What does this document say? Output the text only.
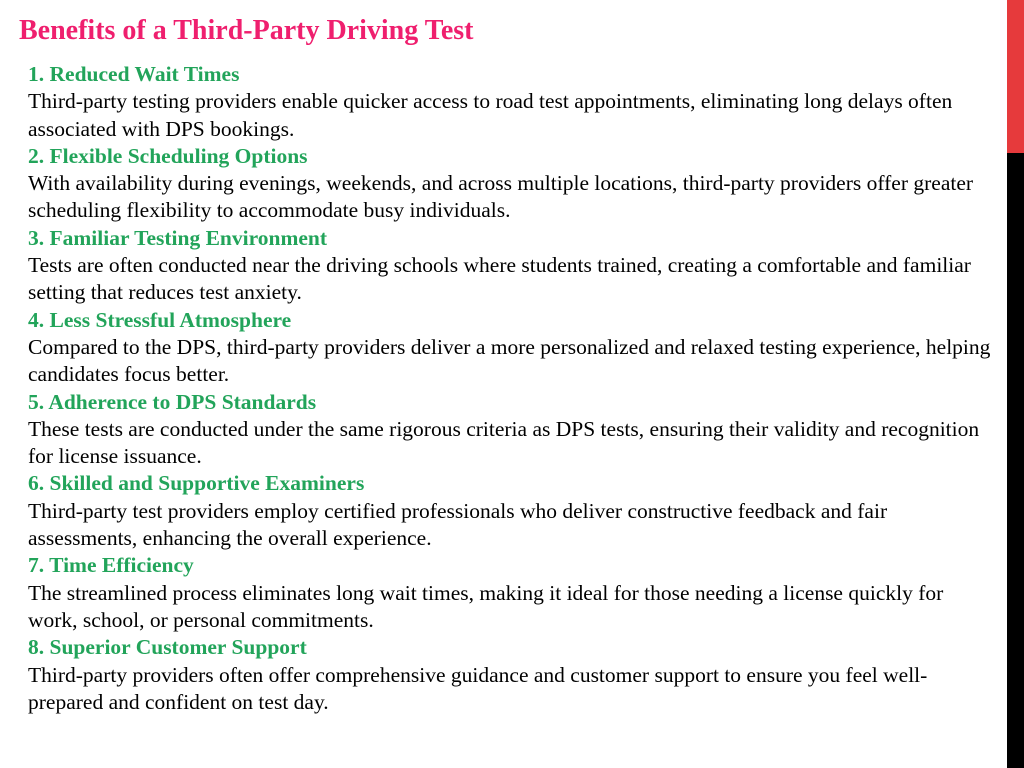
Benefits of a Third-Party Driving Test

1. Reduced Wait Times

Third-party testing providers enable quicker access to road test appointments, eliminating long delays often associated with DPS bookings.

2. Flexible Scheduling Options

With availability during evenings, weekends, and across multiple locations, third-party providers offer greater scheduling flexibility to accommodate busy individuals.

3. Familiar Testing Environment

Tests are often conducted near the driving schools where students trained, creating a comfortable and familiar setting that reduces test anxiety.

4. Less Stressful Atmosphere

Compared to the DPS, third-party providers deliver a more personalized and relaxed testing experience, helping candidates focus better.

5. Adherence to DPS Standards

These tests are conducted under the same rigorous criteria as DPS tests, ensuring their validity and recognition for license issuance.

6. Skilled and Supportive Examiners

Third-party test providers employ certified professionals who deliver constructive feedback and fair assessments, enhancing the overall experience.

7. Time Efficiency

The streamlined process eliminates long wait times, making it ideal for those needing a license quickly for work, school, or personal commitments.

8. Superior Customer Support

Third-party providers often offer comprehensive guidance and customer support to ensure you feel well-prepared and confident on test day.
